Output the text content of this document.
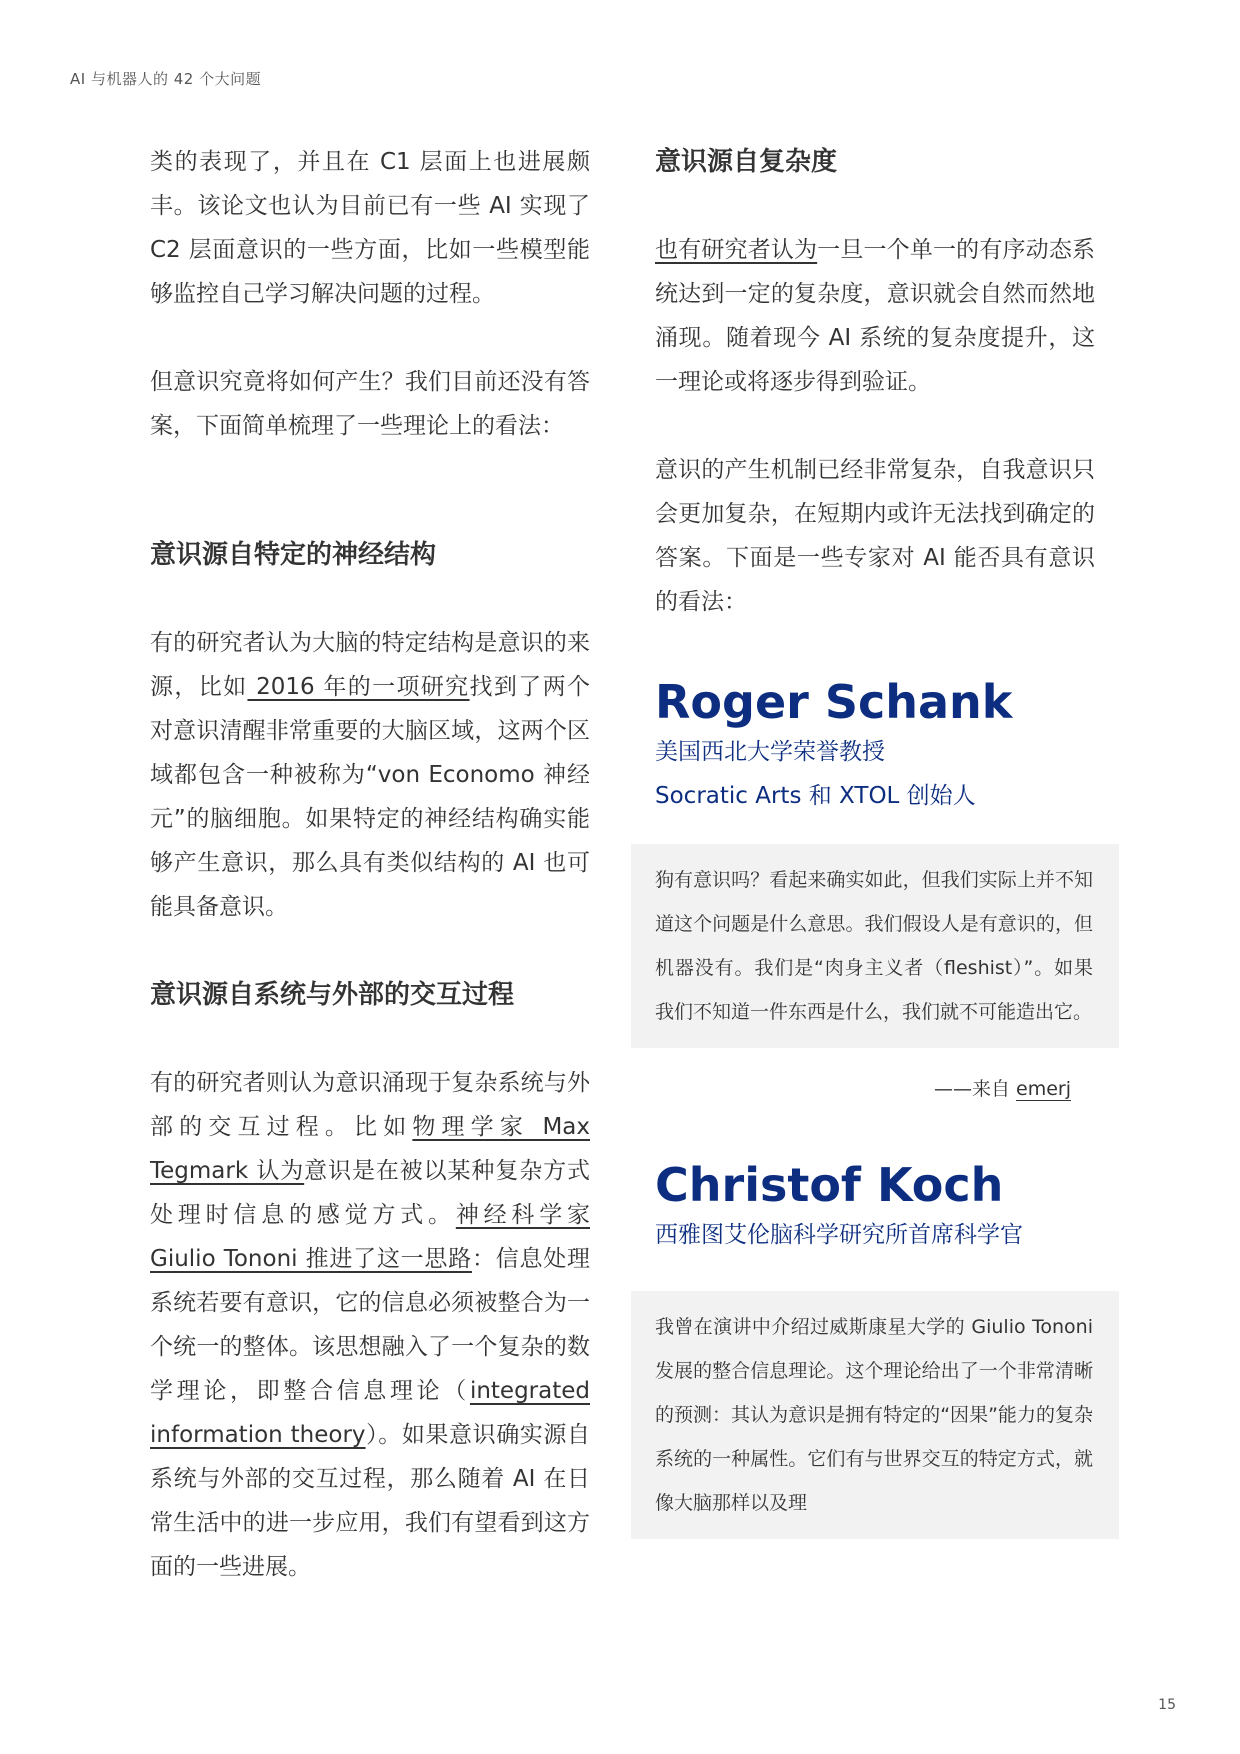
AI 与机器人的 42 个大问题

类的表现了，并且在 C1 层面上也进展颇丰。该论文也认为目前已有一些 AI 实现了 C2 层面意识的一些方面，比如一些模型能够监控自己学习解决问题的过程。

但意识究竟将如何产生？我们目前还没有答案，下面简单梳理了一些理论上的看法：

意识源自特定的神经结构

有的研究者认为大脑的特定结构是意识的来源，比如 2016 年的一项研究找到了两个对意识清醒非常重要的大脑区域，这两个区域都包含一种被称为“von Economo 神经元”的脑细胞。如果特定的神经结构确实能够产生意识，那么具有类似结构的 AI 也可能具备意识。

意识源自系统与外部的交互过程

有的研究者则认为意识涌现于复杂系统与外部的交互过程。比如物理学家 Max Tegmark 认为意识是在被以某种复杂方式处理时信息的感觉方式。神经科学家 Giulio Tononi 推进了这一思路：信息处理系统若要有意识，它的信息必须被整合为一个统一的整体。该思想融入了一个复杂的数学理论，即整合信息理论（integrated information theory）。如果意识确实源自系统与外部的交互过程，那么随着 AI 在日常生活中的进一步应用，我们有望看到这方面的一些进展。

意识源自复杂度

也有研究者认为一旦一个单一的有序动态系统达到一定的复杂度，意识就会自然而然地涌现。随着现今 AI 系统的复杂度提升，这一理论或将逐步得到验证。

意识的产生机制已经非常复杂，自我意识只会更加复杂，在短期内或许无法找到确定的答案。下面是一些专家对 AI 能否具有意识的看法：

Roger Schank
美国西北大学荣誉教授
Socratic Arts 和 XTOL 创始人

狗有意识吗？看起来确实如此，但我们实际上并不知道这个问题是什么意思。我们假设人是有意识的，但机器没有。我们是“肉身主义者（fleshist）”。如果我们不知道一件东西是什么，我们就不可能造出它。

——来自 emerj
Christof Koch
西雅图艾伦脑科学研究所首席科学官

我曾在演讲中介绍过威斯康星大学的 Giulio Tononi 发展的整合信息理论。这个理论给出了一个非常清晰的预测：其认为意识是拥有特定的“因果”能力的复杂系统的一种属性。它们有与世界交互的特定方式，就像大脑那样以及理

15
